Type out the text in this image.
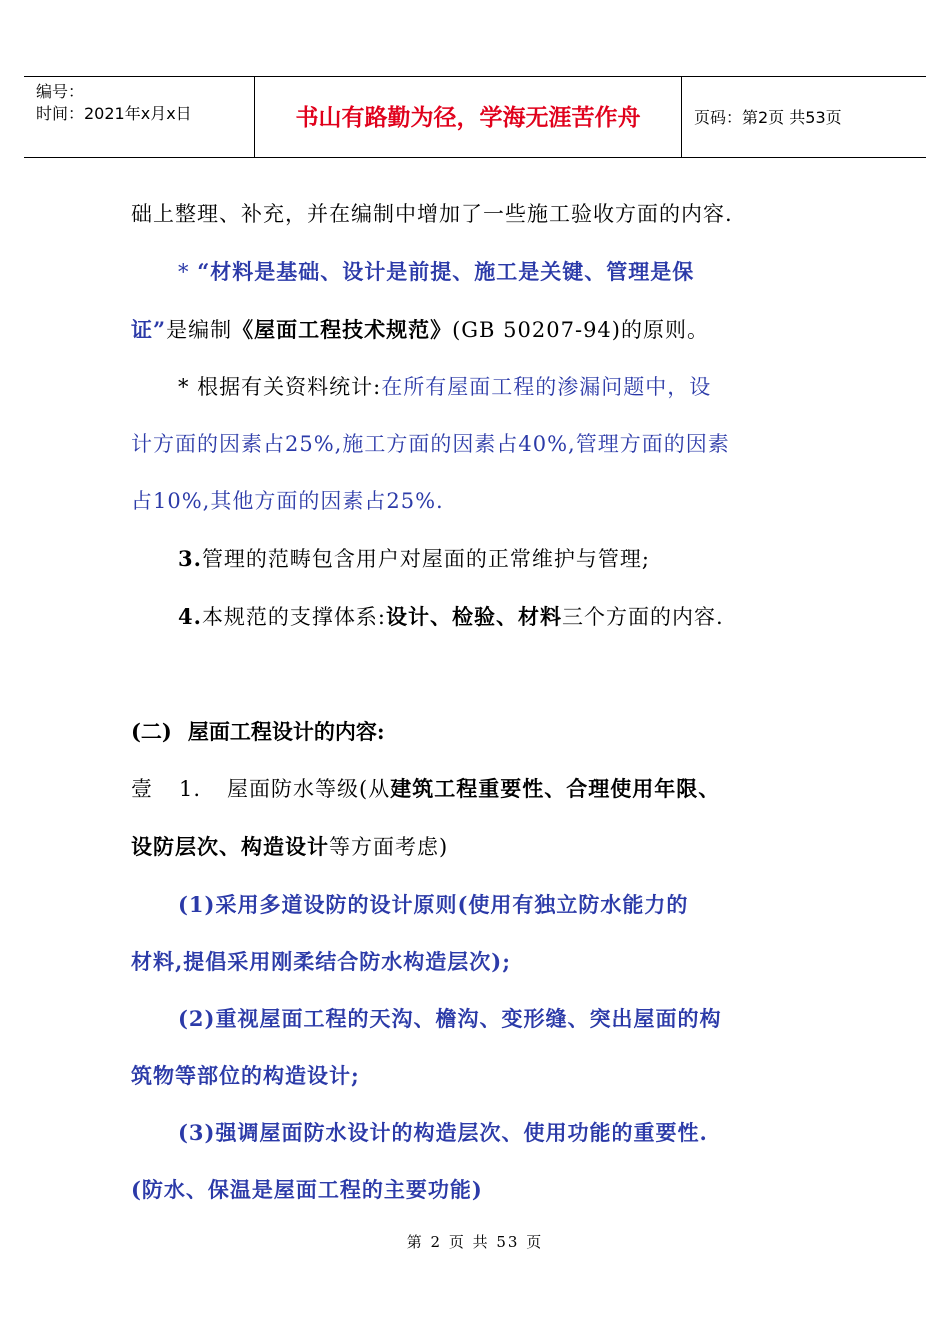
编号：
时间：2021年x月x日	书山有路勤为径，学海无涯苦作舟	页码：第2页 共53页

础上整理、补充，并在编制中增加了一些施工验收方面的内容.

* “材料是基础、设计是前提、施工是关键、管理是保

证”是编制《屋面工程技术规范》(GB 50207-94)的原则。

* 根据有关资料统计:在所有屋面工程的渗漏问题中，设

计方面的因素占25%,施工方面的因素占40%,管理方面的因素

占10%,其他方面的因素占25%.

3.管理的范畴包含用户对屋面的正常维护与管理;

4.本规范的支撑体系:设计、检验、材料三个方面的内容.

(二) 屋面工程设计的内容:

壹 1. 屋面防水等级(从建筑工程重要性、合理使用年限、

设防层次、构造设计等方面考虑)

(1)采用多道设防的设计原则(使用有独立防水能力的

材料,提倡采用刚柔结合防水构造层次);

(2)重视屋面工程的天沟、檐沟、变形缝、突出屋面的构

筑物等部位的构造设计;

(3)强调屋面防水设计的构造层次、使用功能的重要性.

(防水、保温是屋面工程的主要功能)

第 2 页 共 53 页
